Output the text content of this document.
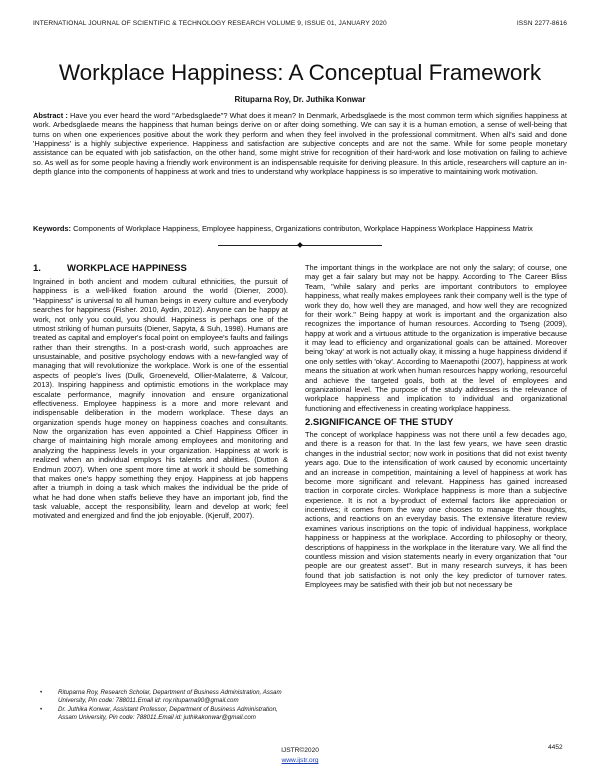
INTERNATIONAL JOURNAL OF SCIENTIFIC & TECHNOLOGY RESEARCH VOLUME 9, ISSUE 01, JANUARY 2020	ISSN 2277-8616
Workplace Happiness: A Conceptual Framework
Rituparna Roy, Dr. Juthika Konwar
Abstract : Have you ever heard the word "Arbedsglaede"? What does it mean? In Denmark, Arbedsglaede is the most common term which signifies happiness at work. Arbedsglaede means the happiness that human beings derive on or after doing something. We can say it is a human emotion, a sense of well-being that turns on when one experiences positive about the work they perform and when they feel involved in the professional commitment. When all's said and done 'Happiness' is a highly subjective experience. Happiness and satisfaction are subjective concepts and are not the same. While for some people monetary assistance can be equated with job satisfaction, on the other hand, some might strive for recognition of their hard-work and lose motivation on failing to achieve so. As well as for some people having a friendly work environment is an indispensable requisite for deriving pleasure. In this article, researchers will capture an in-depth glance into the components of happiness at work and tries to understand why workplace happiness is so imperative to maintaining work motivation.
Keywords: Components of Workplace Happiness, Employee happiness, Organizations contributon, Workplace Happiness Workplace Happiness Matrix
1.	WORKPLACE HAPPINESS

Ingrained in both ancient and modern cultural ethnicities, the pursuit of happiness is a well-liked fixation around the world (Diener, 2000). "Happiness" is universal to all human beings in every culture and everybody searches for happiness (Fisher. 2010, Aydin, 2012). Anyone can be happy at work, not only you could, you should. Happiness is perhaps one of the utmost striking of human pursuits (Diener, Sapyta, & Suh, 1998). Humans are treated as capital and employer's focal point on employee's faults and failings rather than their strengths. In a post-crash world, such approaches are unsustainable, and positive psychology endows with a new-fangled way of managing that will revolutionize the workplace. Work is one of the essential aspects of people's lives (Dulk, Groeneveld, Ollier-Malaterre, & Valcour, 2013). Inspiring happiness and optimistic emotions in the workplace may escalate performance, magnify innovation and ensure organizational effectiveness. Employee happiness is a more and more relevant and indispensable deliberation in the modern workplace. These days an organization spends huge money on happiness coaches and consultants. Now the organization has even appointed a Chief Happiness Officer in charge of maintaining high morale among employees and monitoring and analyzing the happiness levels in your organization. Happiness at work is realized when an individual employs his talents and abilities. (Dutton & Endmun 2007). When one spent more time at work it should be something that makes one's happy something they enjoy. Happiness at job happens after a triumph in doing a task which makes the individual be the pride of what he had done when staffs believe they have an important job, find the task valuable, accept the responsibility, learn and develop at work; feel motivated and energized and find the job enjoyable. (Kjerulf, 2007).

The important things in the workplace are not only the salary; of course, one may get a fair salary but may not be happy. According to The Career Bliss Team, "while salary and perks are important contributors to employee happiness, what really makes employees rank their company well is the type of work they do, how well they are managed, and how well they are recognized for their work." Being happy at work is important and the organization also recognizes the importance of human resources. According to Tseng (2009), happy at work and a virtuous attitude to the organization is imperative because it may lead to efficiency and organizational goals can be attained. Moreover being 'okay' at work is not actually okay, it missing a huge happiness dividend if one only settles with 'okay'. According to Maenapothi (2007), happiness at work means the situation at work when human resources happy working, resourceful and achieve the targeted goals, both at the level of employees and organizational level. The purpose of the study addresses is the relevance of workplace happiness and implication to individual and organizational functioning and effectiveness in creating workplace happiness.

2.SIGNIFICANCE OF THE STUDY

The concept of workplace happiness was not there until a few decades ago, and there is a reason for that. In the last few years, we have seen drastic changes in the industrial sector; now work in positions that did not exist twenty years ago. Due to the intensification of work caused by economic uncertainty and an increase in competition, maintaining a level of happiness at work has become more significant and relevant. Happiness has gained increased traction in corporate circles. Workplace happiness is more than a subjective experience. It is not a by-product of external factors like appreciation or incentives; it comes from the way one chooses to manage their thoughts, actions, and reactions on an everyday basis. The extensive literature review examines various inscriptions on the topic of individual happiness, workplace happiness or happiness at the workplace. According to philosophy or theory, descriptions of happiness in the workplace in the literature vary. We all find the countless mission and vision statements nearly in every organization that "our people are our greatest asset". But in many research surveys, it has been found that job satisfaction is not only the key predictor of turnover rates. Employees may be satisfied with their job but not necessary be

•	Rituparna Roy, Research Scholar, Department of Business Administration, Assam University, Pin code: 788011.Email id: roy.rituparna90@gmail.com
•	Dr. Juthika Konwar, Assistant Professor, Department of Business Administration, Assam University, Pin code: 788011.Email id: juthikakonwar@gmail.com
4452
IJSTR©2020
www.ijstr.org
